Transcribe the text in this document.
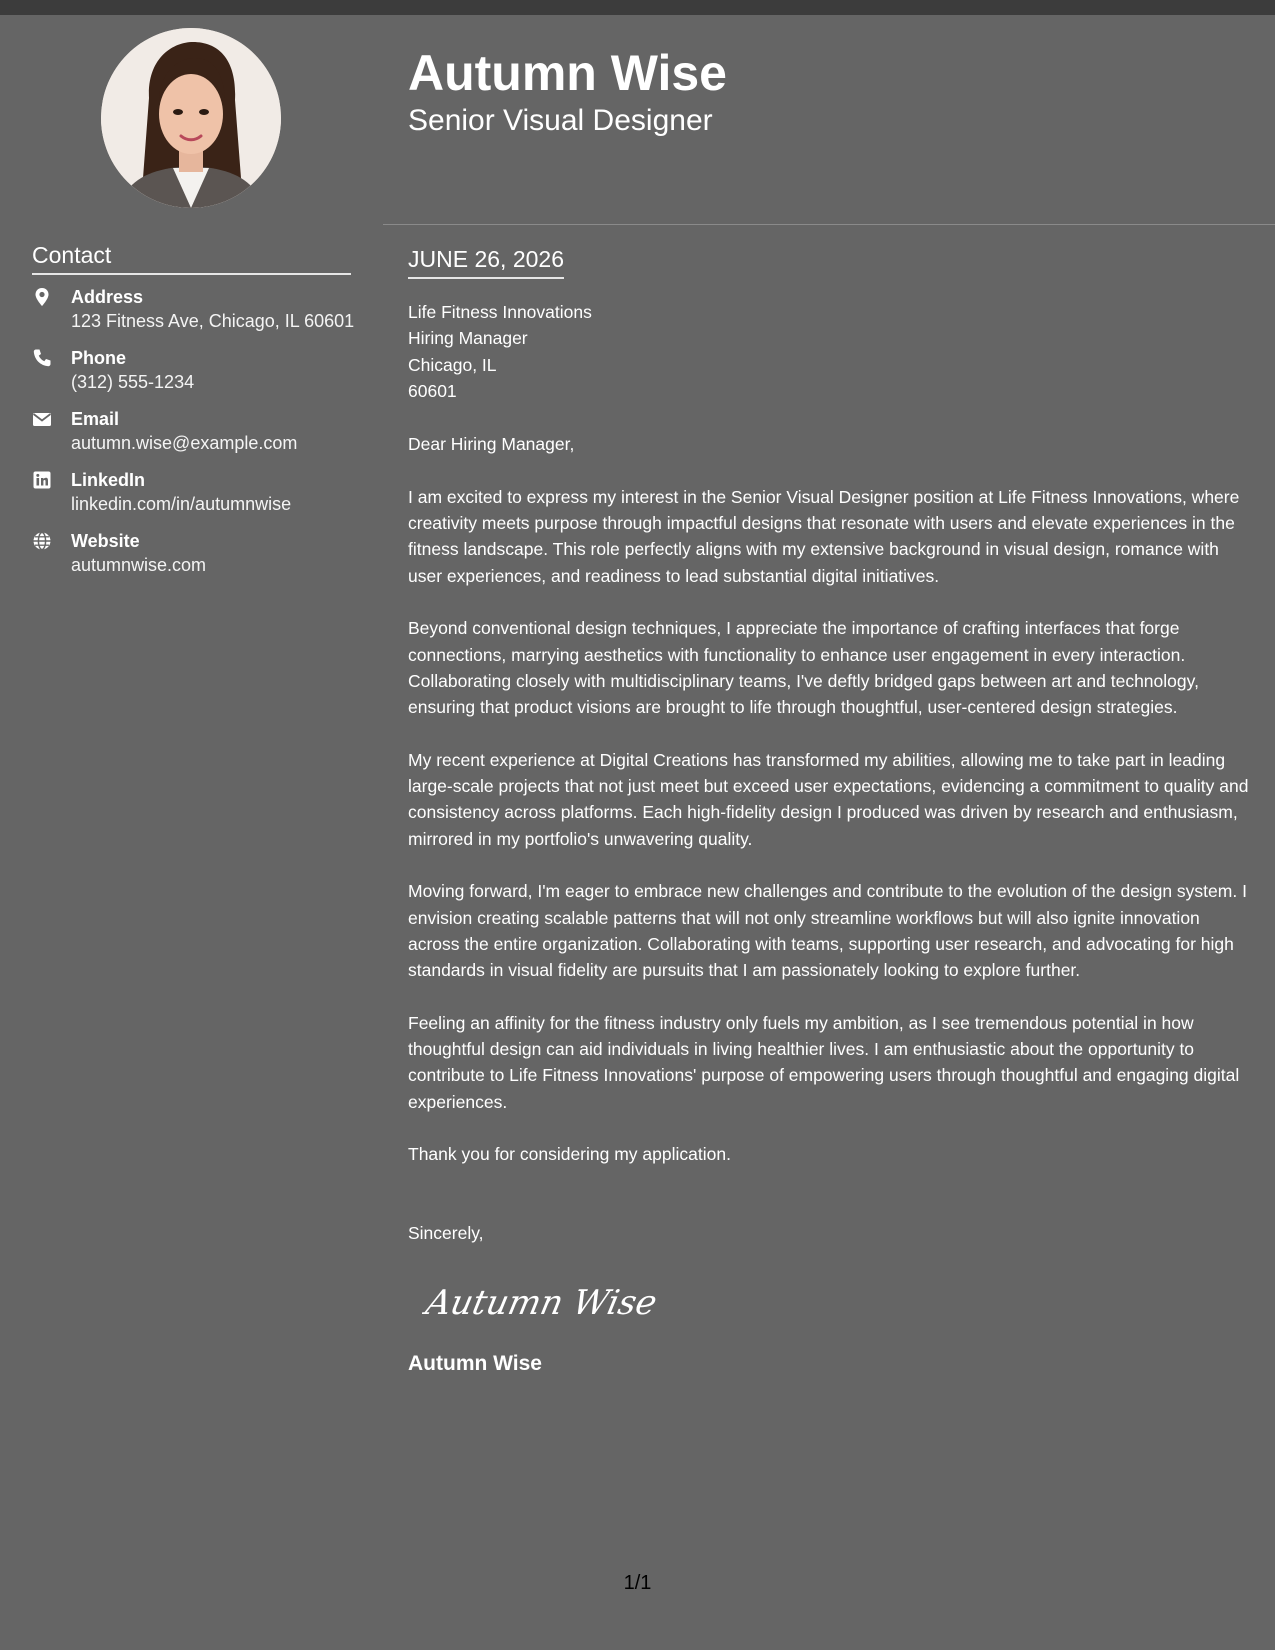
Contact
Address
123 Fitness Ave, Chicago, IL 60601
Phone
(312) 555-1234
Email
autumn.wise@example.com
LinkedIn
linkedin.com/in/autumnwise
Website
autumnwise.com
Autumn Wise
Senior Visual Designer
JUNE 26, 2026
Life Fitness Innovations
Hiring Manager
Chicago, IL
60601

Dear Hiring Manager,

I am excited to express my interest in the Senior Visual Designer position at Life Fitness Innovations, where creativity meets purpose through impactful designs that resonate with users and elevate experiences in the fitness landscape. This role perfectly aligns with my extensive background in visual design, romance with user experiences, and readiness to lead substantial digital initiatives.

Beyond conventional design techniques, I appreciate the importance of crafting interfaces that forge connections, marrying aesthetics with functionality to enhance user engagement in every interaction. Collaborating closely with multidisciplinary teams, I've deftly bridged gaps between art and technology, ensuring that product visions are brought to life through thoughtful, user-centered design strategies.

My recent experience at Digital Creations has transformed my abilities, allowing me to take part in leading large-scale projects that not just meet but exceed user expectations, evidencing a commitment to quality and consistency across platforms. Each high-fidelity design I produced was driven by research and enthusiasm, mirrored in my portfolio's unwavering quality.

Moving forward, I'm eager to embrace new challenges and contribute to the evolution of the design system. I envision creating scalable patterns that will not only streamline workflows but will also ignite innovation across the entire organization. Collaborating with teams, supporting user research, and advocating for high standards in visual fidelity are pursuits that I am passionately looking to explore further.

Feeling an affinity for the fitness industry only fuels my ambition, as I see tremendous potential in how thoughtful design can aid individuals in living healthier lives. I am enthusiastic about the opportunity to contribute to Life Fitness Innovations' purpose of empowering users through thoughtful and engaging digital experiences.

Thank you for considering my application.

Sincerely,

Autumn Wise
Autumn Wise
1/1
